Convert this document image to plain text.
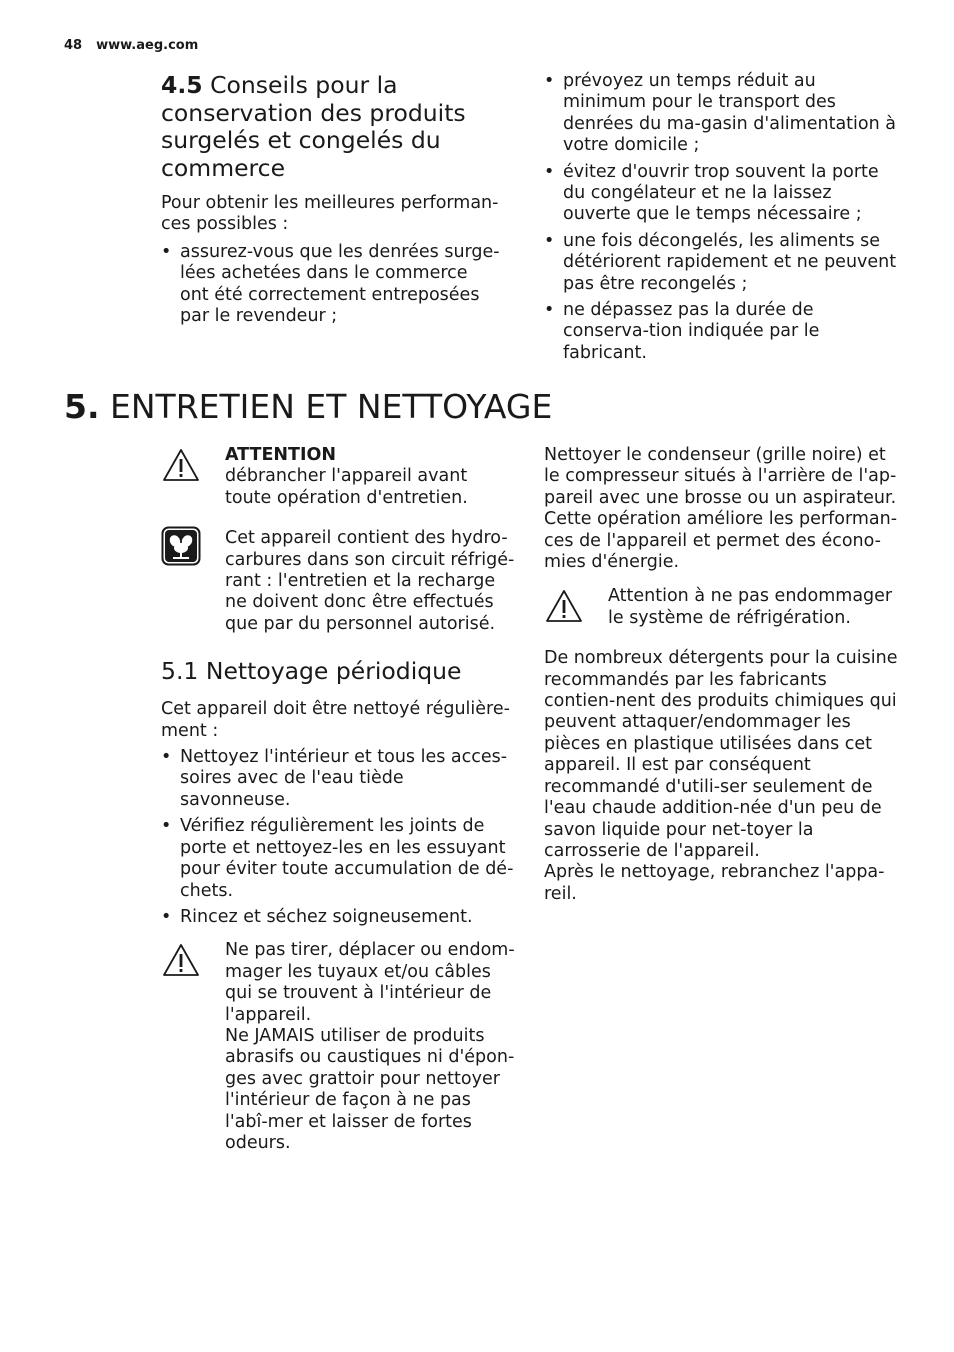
48 www.aeg.com
4.5 Conseils pour la conservation des produits surgelés et congelés du commerce

Pour obtenir les meilleures performan-ces possibles :

• assurez-vous que les denrées surge-lées achetées dans le commerce ont été correctement entreposées par le revendeur ;
• prévoyez un temps réduit au minimum pour le transport des denrées du ma-gasin d'alimentation à votre domicile ;
• évitez d'ouvrir trop souvent la porte du congélateur et ne la laissez ouverte que le temps nécessaire ;
• une fois décongelés, les aliments se détériorent rapidement et ne peuvent pas être recongelés ;
• ne dépassez pas la durée de conserva-tion indiquée par le fabricant.
5. ENTRETIEN ET NETTOYAGE

ATTENTION

débrancher l'appareil avant toute opération d'entretien.

Cet appareil contient des hydro-carbures dans son circuit réfrigé-rant : l'entretien et la recharge ne doivent donc être effectués que par du personnel autorisé.

5.1 Nettoyage périodique

Cet appareil doit être nettoyé régulière-ment :

• Nettoyez l'intérieur et tous les acces-soires avec de l'eau tiède savonneuse.
• Vérifiez régulièrement les joints de porte et nettoyez-les en les essuyant pour éviter toute accumulation de dé-chets.
• Rincez et séchez soigneusement.

Ne pas tirer, déplacer ou endom-mager les tuyaux et/ou câbles qui se trouvent à l'intérieur de l'appareil.

Ne JAMAIS utiliser de produits abrasifs ou caustiques ni d'épon-ges avec grattoir pour nettoyer l'intérieur de façon à ne pas l'abî-mer et laisser de fortes odeurs.

Nettoyer le condenseur (grille noire) et le compresseur situés à l'arrière de l'ap-pareil avec une brosse ou un aspirateur. Cette opération améliore les performan-ces de l'appareil et permet des écono-mies d'énergie.

Attention à ne pas endommager le système de réfrigération.

De nombreux détergents pour la cuisine recommandés par les fabricants contien-nent des produits chimiques qui peuvent attaquer/endommager les pièces en plastique utilisées dans cet appareil. Il est par conséquent recommandé d'utili-ser seulement de l'eau chaude addition-née d'un peu de savon liquide pour net-toyer la carrosserie de l'appareil.

Après le nettoyage, rebranchez l'appa-reil.
